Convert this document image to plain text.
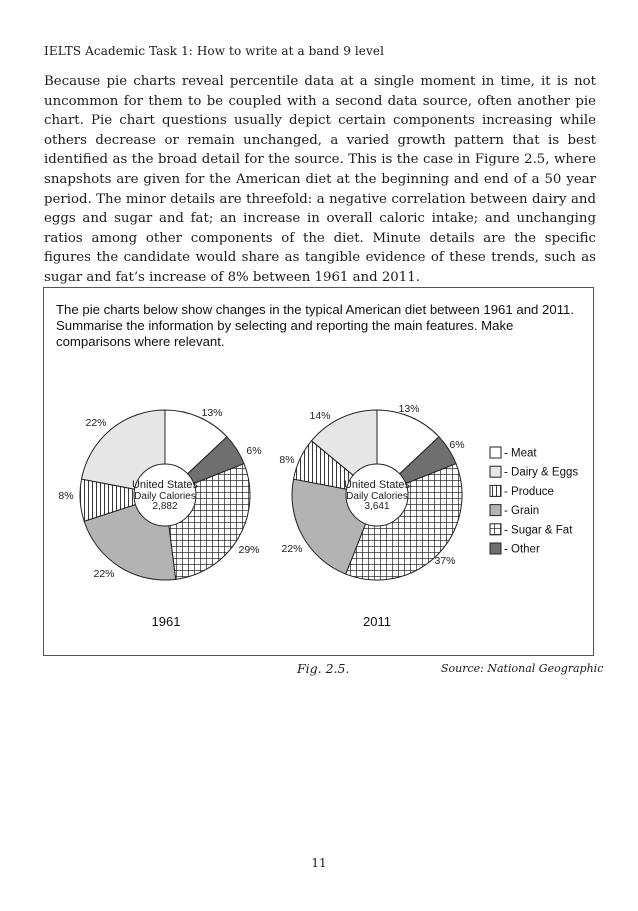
IELTS Academic Task 1: How to write at a band 9 level
Because pie charts reveal percentile data at a single moment in time, it is not uncommon for them to be coupled with a second data source, often another pie chart. Pie chart questions usually depict certain components increasing while others decrease or remain unchanged, a varied growth pattern that is best identified as the broad detail for the source. This is the case in Figure 2.5, where snapshots are given for the American diet at the beginning and end of a 50 year period. The minor details are threefold: a negative correlation between dairy and eggs and sugar and fat; an increase in overall caloric intake; and unchanging ratios among other components of the diet. Minute details are the specific figures the candidate would share as tangible evidence of these trends, such as sugar and fat’s increase of 8% between 1961 and 2011.
The pie charts below show changes in the typical American diet between 1961 and 2011. Summarise the information by selecting and reporting the main features. Make comparisons where relevant.
13%
6%
29%
22%
8%
22%
United States
Daily Calories
2,882
1961
13%
6%
37%
22%
8%
14%
United States
Daily Calories
3,641
2011
- Meat
- Dairy & Eggs
- Produce
- Grain
- Sugar & Fat
- Other
Fig. 2.5.	Source: National Geographic
11
